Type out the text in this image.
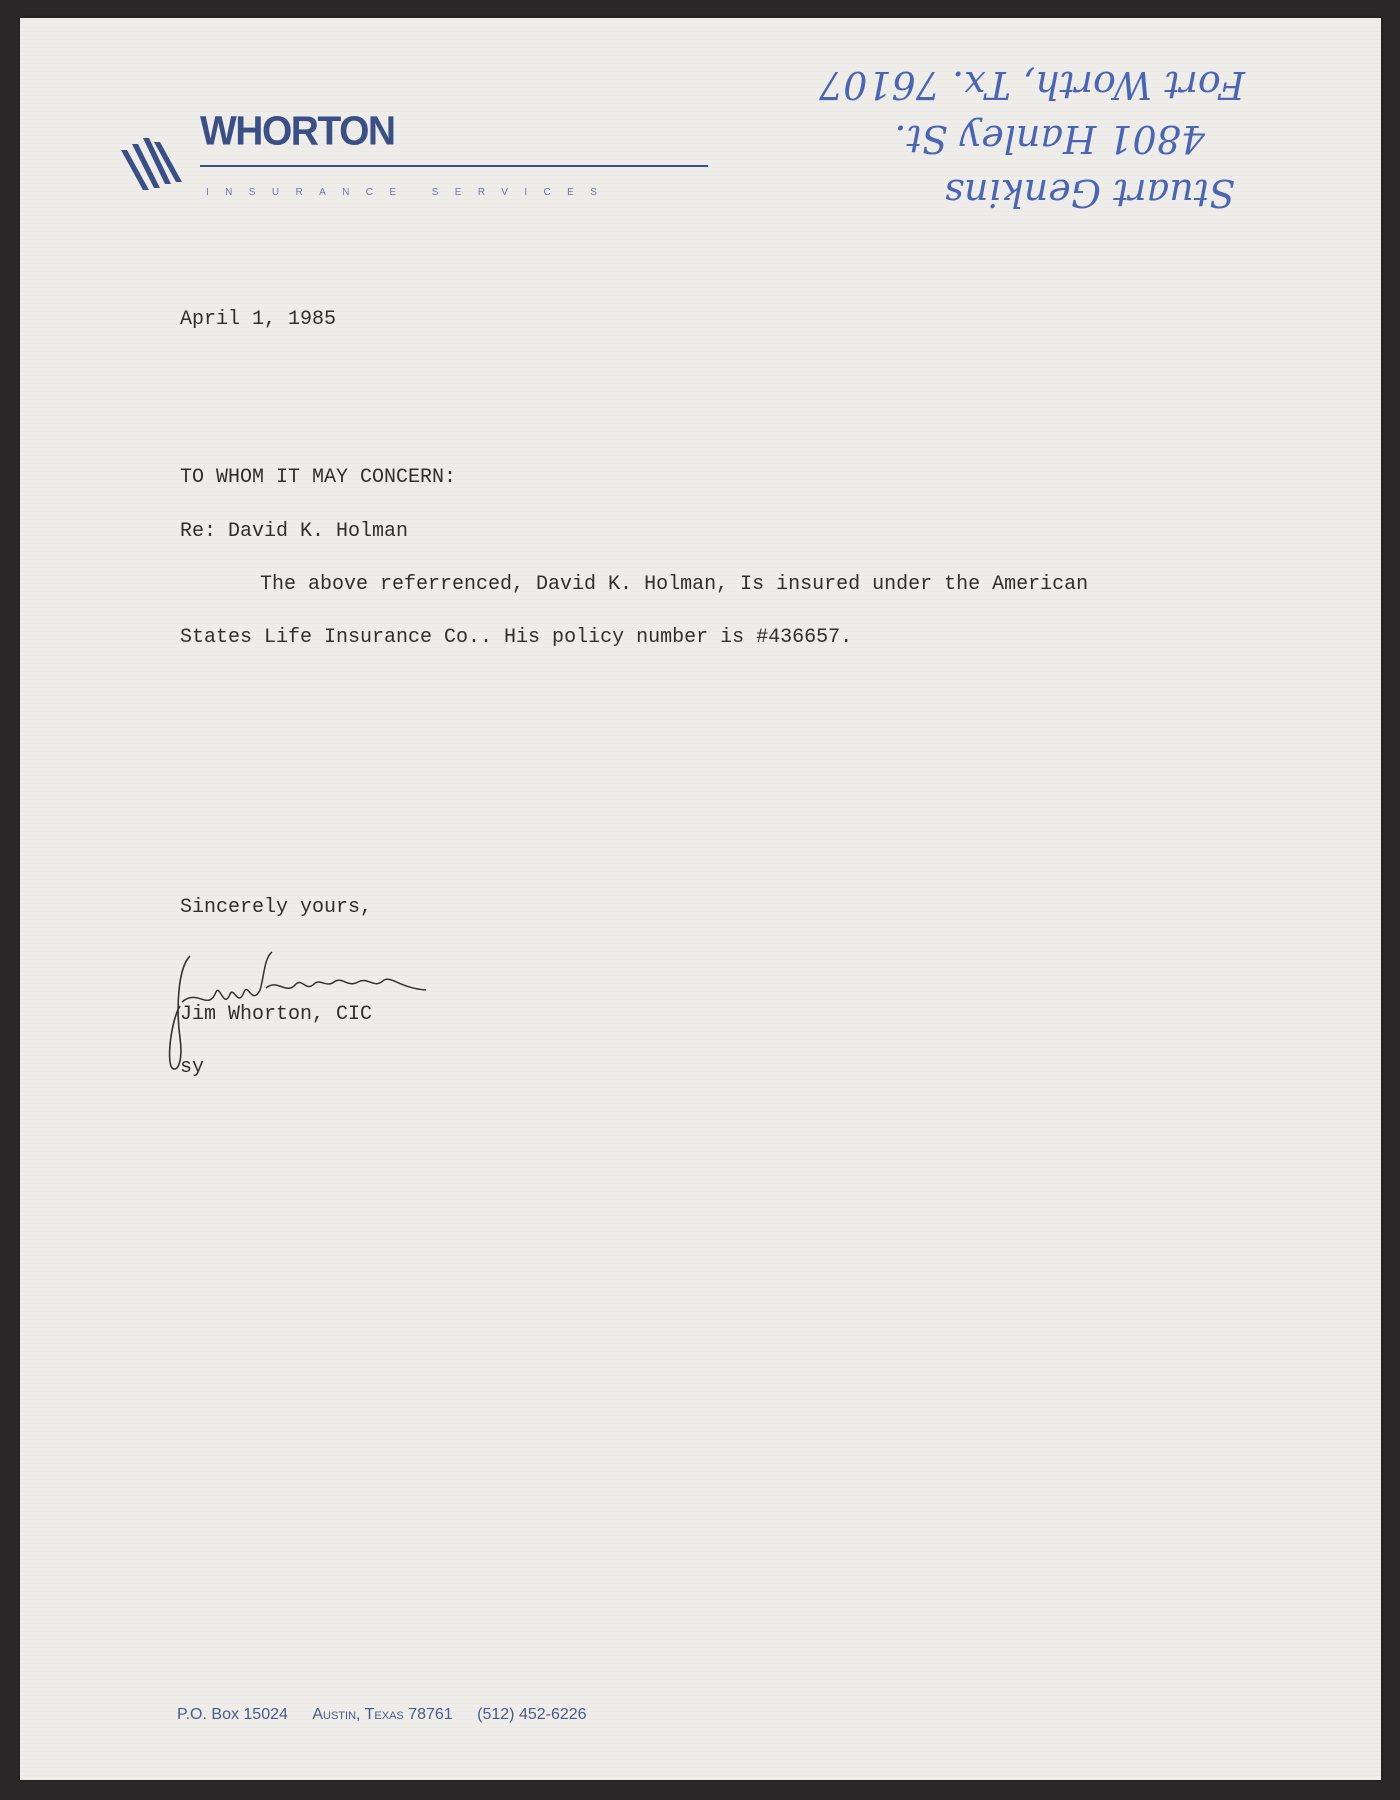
WHORTON
INSURANCE SERVICES	Stuart Genkins
4801 Hanley St.
Fort Worth, Tx. 76107
April 1, 1985
TO WHOM IT MAY CONCERN:
Re: David K. Holman
The above referrenced, David K. Holman, Is insured under the American
States Life Insurance Co.. His policy number is #436657.
Sincerely yours,
Jim Whorton, CIC
sy
P.O. Box 15024 Austin, Texas 78761 (512) 452-6226
